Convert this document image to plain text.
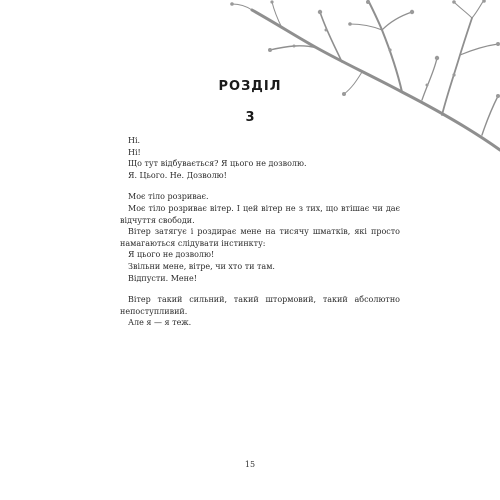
РОЗДІЛ
3

Ні.

Ні!

Що тут відбувається? Я цього не дозволю.

Я. Цього. Не. Дозволю!

Моє тіло розриває.

Моє тіло розриває вітер. І цей вітер не з тих, що втішає чи дає відчуття свободи.

Вітер затягує і роздирає мене на тисячу шматків, які просто намагаються слідувати інстинкту:

Я цього не дозволю!

Звільни мене, вітре, чи хто ти там.

Відпусти. Мене!

Вітер такий сильний, такий штормовий, такий абсолютно непоступливий.

Але я — я теж.

15
